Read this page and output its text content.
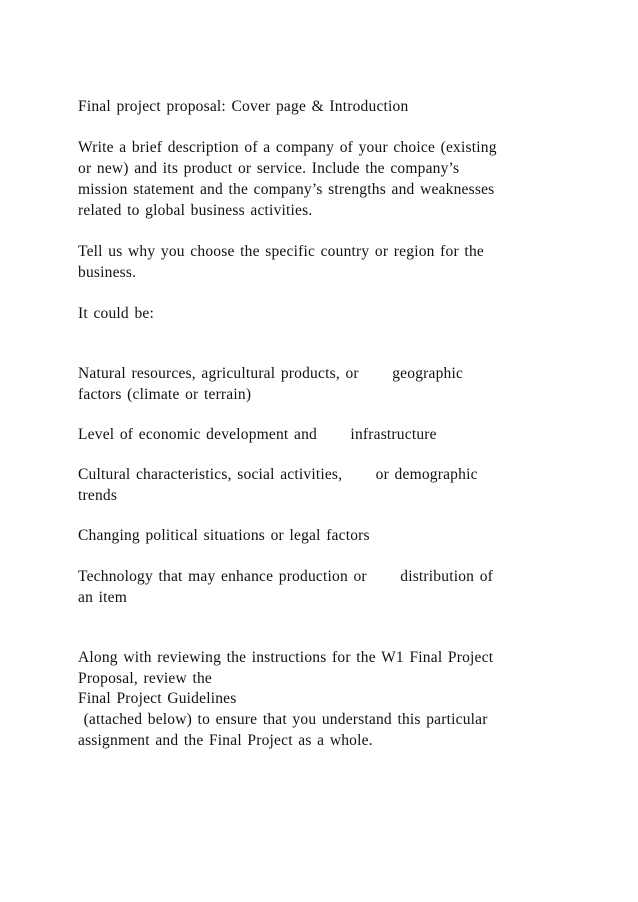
Final project proposal: Cover page & Introduction

Write a brief description of a company of your choice (existing

or new) and its product or service. Include the company’s

mission statement and the company’s strengths and weaknesses

related to global business activities.

Tell us why you choose the specific country or region for the

business.

It could be:

Natural resources, agricultural products, or      geographic

factors (climate or terrain)

Level of economic development and      infrastructure

Cultural characteristics, social activities,      or demographic

trends

Changing political situations or legal factors

Technology that may enhance production or      distribution of

an item

Along with reviewing the instructions for the W1 Final Project

Proposal, review the

Final Project Guidelines

(attached below) to ensure that you understand this particular

assignment and the Final Project as a whole.
